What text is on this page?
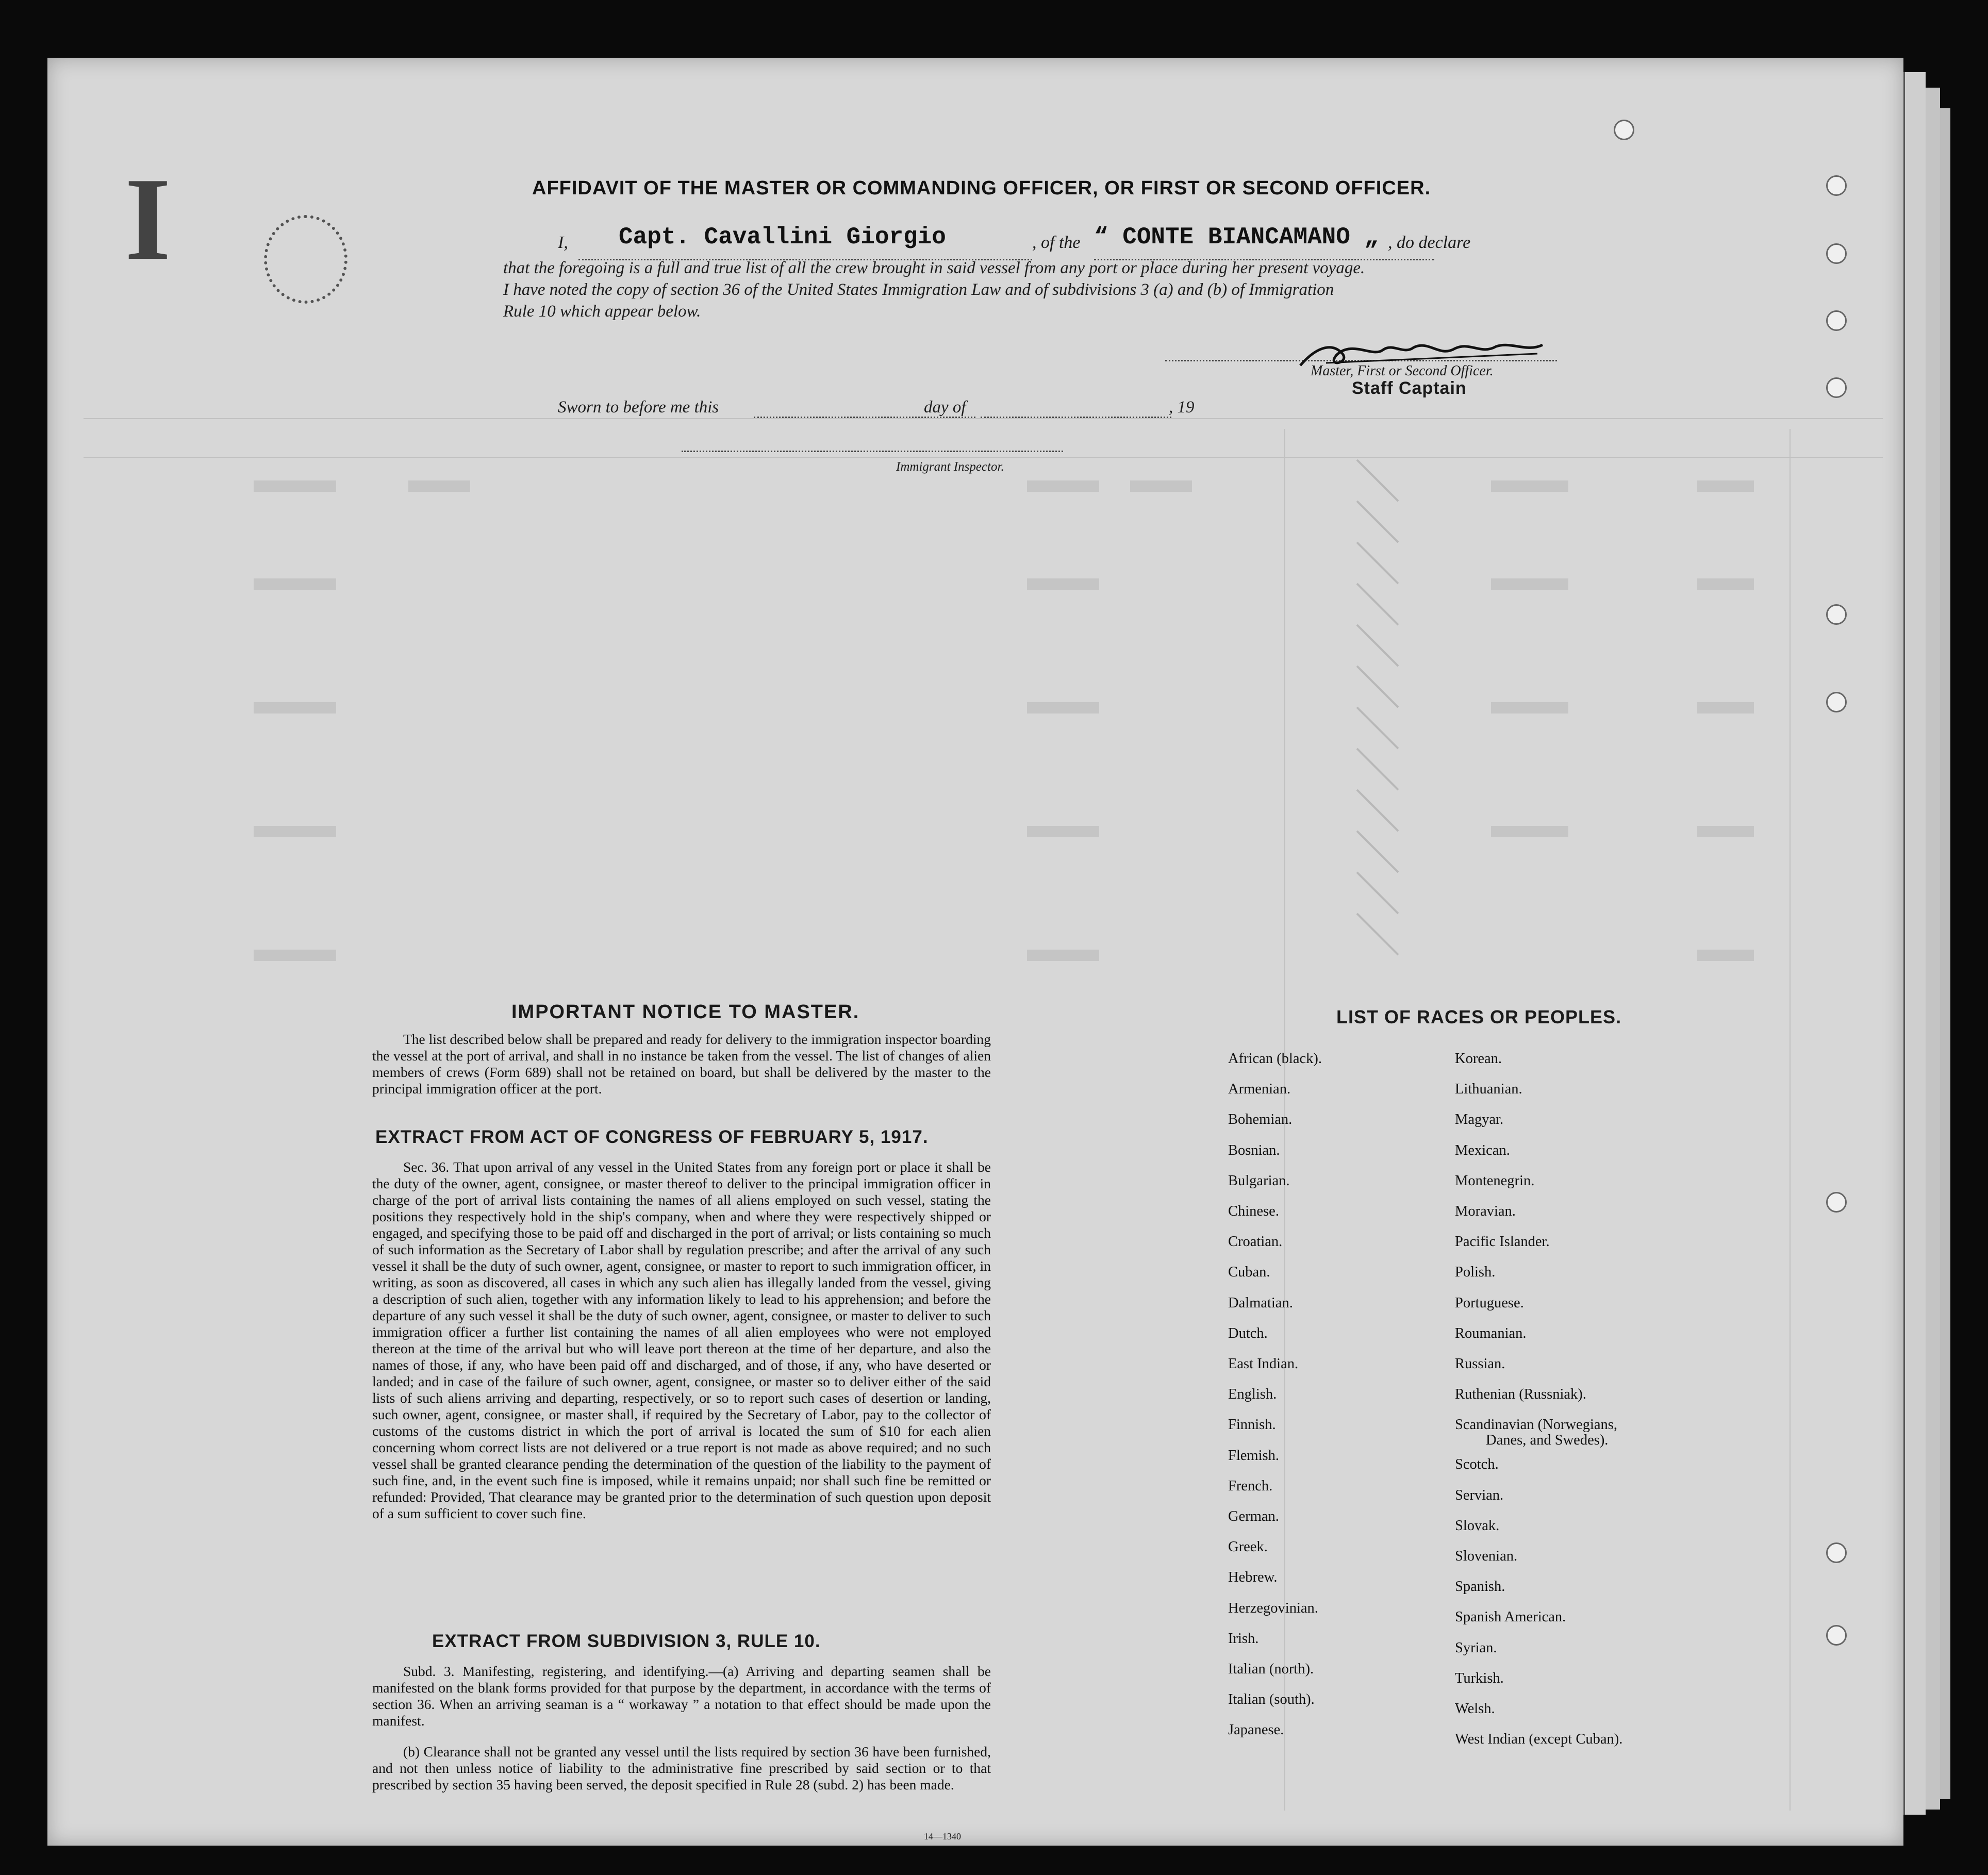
I	AFFIDAVIT OF THE MASTER OR COMMANDING OFFICER, OR FIRST OR SECOND OFFICER.
I, Capt. Cavallini Giorgio	, of the “ CONTE BIANCAMANO „ , do declare
that the foregoing is a full and true list of all the crew brought in said vessel from any port or place during her present voyage.
I have noted the copy of section 36 of the United States Immigration Law and of subdivisions 3 (a) and (b) of Immigration
Rule 10 which appear below.
Master, First or Second Officer.
Staff Captain
Sworn to before me this	day of	, 19
Immigrant Inspector.
IMPORTANT NOTICE TO MASTER.
The list described below shall be prepared and ready for delivery to the immigration inspector boarding the vessel at the port of arrival, and shall in no instance be taken from the vessel. The list of changes of alien members of crews (Form 689) shall not be retained on board, but shall be delivered by the master to the principal immigration officer at the port.
EXTRACT FROM ACT OF CONGRESS OF FEBRUARY 5, 1917.
Sec. 36. That upon arrival of any vessel in the United States from any foreign port or place it shall be the duty of the owner, agent, consignee, or master thereof to deliver to the principal immigration officer in charge of the port of arrival lists containing the names of all aliens employed on such vessel, stating the positions they respectively hold in the ship's company, when and where they were respectively shipped or engaged, and specifying those to be paid off and discharged in the port of arrival; or lists containing so much of such information as the Secretary of Labor shall by regulation prescribe; and after the arrival of any such vessel it shall be the duty of such owner, agent, consignee, or master to report to such immigration officer, in writing, as soon as discovered, all cases in which any such alien has illegally landed from the vessel, giving a description of such alien, together with any information likely to lead to his apprehension; and before the departure of any such vessel it shall be the duty of such owner, agent, consignee, or master to deliver to such immigration officer a further list containing the names of all alien employees who were not employed thereon at the time of the arrival but who will leave port thereon at the time of her departure, and also the names of those, if any, who have been paid off and discharged, and of those, if any, who have deserted or landed; and in case of the failure of such owner, agent, consignee, or master so to deliver either of the said lists of such aliens arriving and departing, respectively, or so to report such cases of desertion or landing, such owner, agent, consignee, or master shall, if required by the Secretary of Labor, pay to the collector of customs of the customs district in which the port of arrival is located the sum of $10 for each alien concerning whom correct lists are not delivered or a true report is not made as above required; and no such vessel shall be granted clearance pending the determination of the question of the liability to the payment of such fine, and, in the event such fine is imposed, while it remains unpaid; nor shall such fine be remitted or refunded: Provided, That clearance may be granted prior to the determination of such question upon deposit of a sum sufficient to cover such fine.
EXTRACT FROM SUBDIVISION 3, RULE 10.
Subd. 3. Manifesting, registering, and identifying.—(a) Arriving and departing seamen shall be manifested on the blank forms provided for that purpose by the department, in accordance with the terms of section 36. When an arriving seaman is a “ workaway ” a notation to that effect should be made upon the manifest.
(b) Clearance shall not be granted any vessel until the lists required by section 36 have been furnished, and not then unless notice of liability to the administrative fine prescribed by said section or to that prescribed by section 35 having been served, the deposit specified in Rule 28 (subd. 2) has been made.
14—1340
LIST OF RACES OR PEOPLES.
African (black).
Armenian.
Bohemian.
Bosnian.
Bulgarian.
Chinese.
Croatian.
Cuban.
Dalmatian.
Dutch.
East Indian.
English.
Finnish.
Flemish.
French.
German.
Greek.
Hebrew.
Herzegovinian.
Irish.
Italian (north).
Italian (south).
Japanese.
Korean.
Lithuanian.
Magyar.
Mexican.
Montenegrin.
Moravian.
Pacific Islander.
Polish.
Portuguese.
Roumanian.
Russian.
Ruthenian (Russniak).
Scandinavian (Norwegians,
Danes, and Swedes).
Scotch.
Servian.
Slovak.
Slovenian.
Spanish.
Spanish American.
Syrian.
Turkish.
Welsh.
West Indian (except Cuban).
